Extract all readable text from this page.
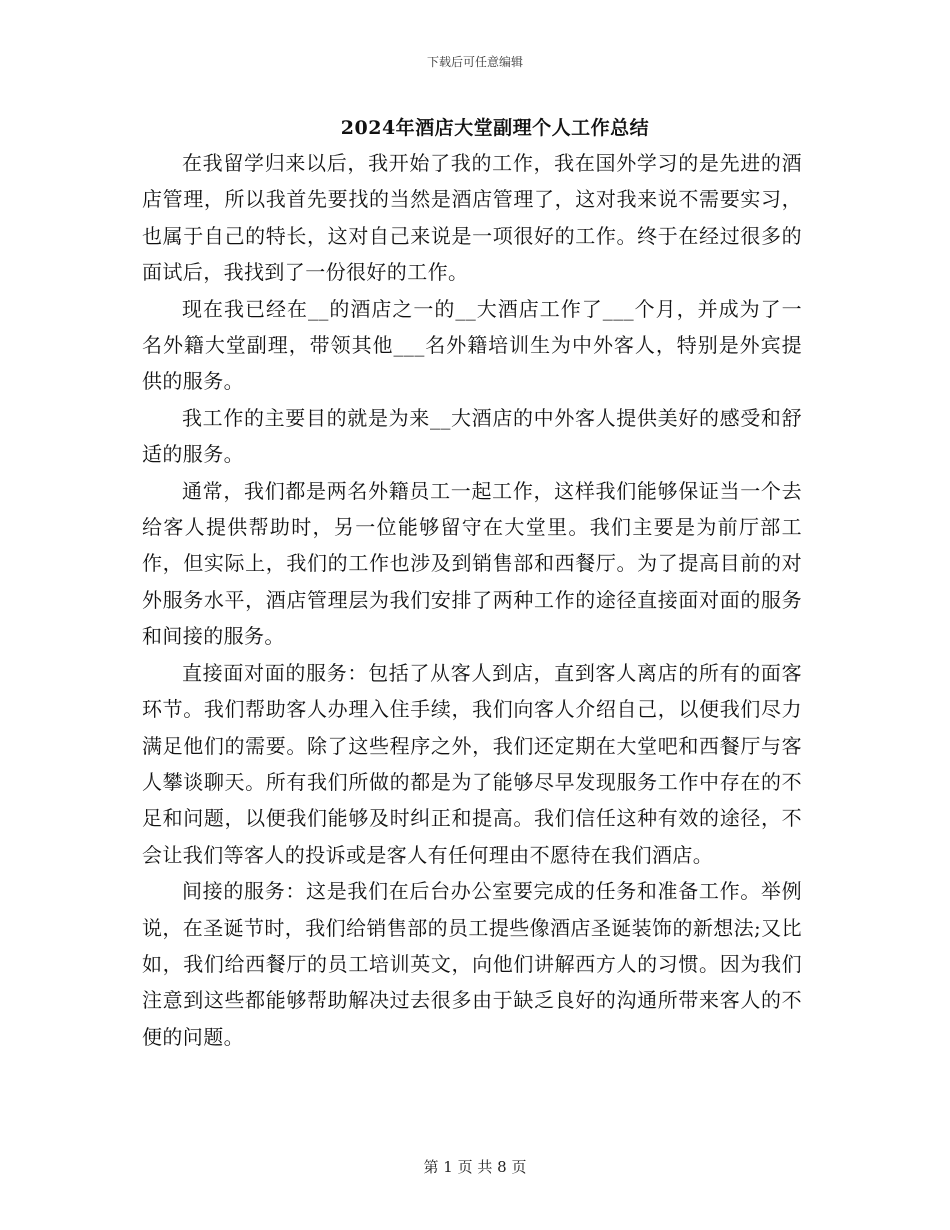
下载后可任意编辑
2024年酒店大堂副理个人工作总结

在我留学归来以后，我开始了我的工作，我在国外学习的是先进的酒店管理，所以我首先要找的当然是酒店管理了，这对我来说不需要实习，也属于自己的特长，这对自己来说是一项很好的工作。终于在经过很多的面试后，我找到了一份很好的工作。

现在我已经在__的酒店之一的__大酒店工作了___个月，并成为了一名外籍大堂副理，带领其他___名外籍培训生为中外客人，特别是外宾提供的服务。

我工作的主要目的就是为来__大酒店的中外客人提供美好的感受和舒适的服务。

通常，我们都是两名外籍员工一起工作，这样我们能够保证当一个去给客人提供帮助时，另一位能够留守在大堂里。我们主要是为前厅部工作，但实际上，我们的工作也涉及到销售部和西餐厅。为了提高目前的对外服务水平，酒店管理层为我们安排了两种工作的途径直接面对面的服务和间接的服务。

直接面对面的服务：包括了从客人到店，直到客人离店的所有的面客环节。我们帮助客人办理入住手续，我们向客人介绍自己，以便我们尽力满足他们的需要。除了这些程序之外，我们还定期在大堂吧和西餐厅与客人攀谈聊天。所有我们所做的都是为了能够尽早发现服务工作中存在的不足和问题，以便我们能够及时纠正和提高。我们信任这种有效的途径，不会让我们等客人的投诉或是客人有任何理由不愿待在我们酒店。

间接的服务：这是我们在后台办公室要完成的任务和准备工作。举例说，在圣诞节时，我们给销售部的员工提些像酒店圣诞装饰的新想法;又比如，我们给西餐厅的员工培训英文，向他们讲解西方人的习惯。因为我们注意到这些都能够帮助解决过去很多由于缺乏良好的沟通所带来客人的不便的问题。

第 1 页 共 8 页
